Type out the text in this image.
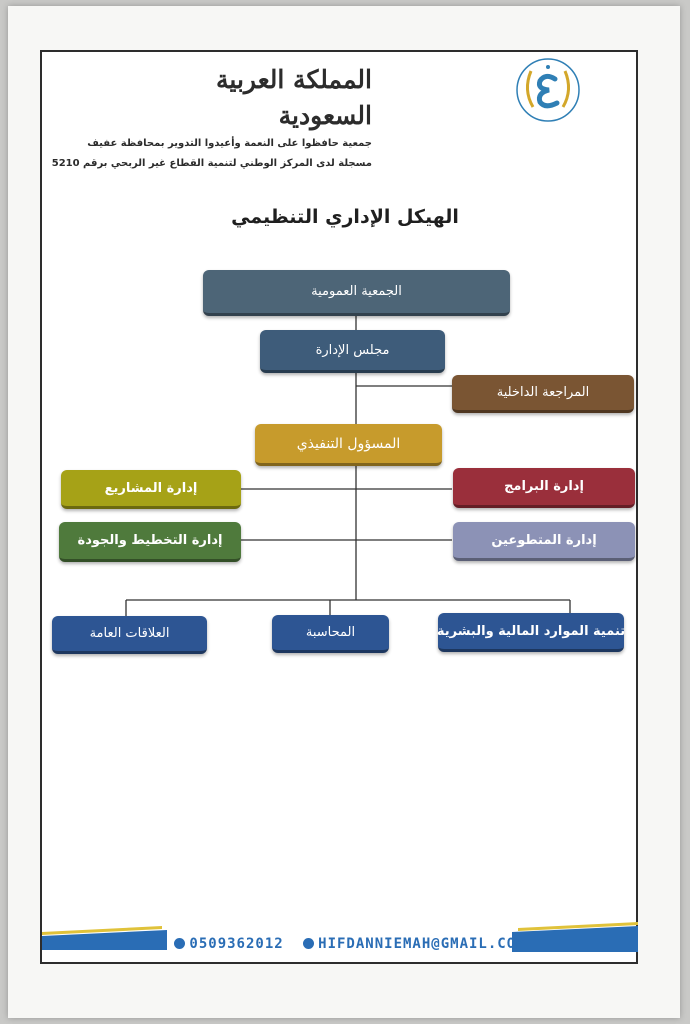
المملكة العربية السعودية
جمعية حافظوا على النعمة وأعيدوا التدوير بمحافظة عفيف
مسجلة لدى المركز الوطني لتنمية القطاع غير الربحي برقم 5210
الهيكل الإداري التنظيمي
الجمعية العمومية
مجلس الإدارة
المراجعة الداخلية
المسؤول التنفيذي
إدارة البرامج
إدارة المشاريع
إدارة المتطوعين
إدارة التخطيط والجودة
تنمية الموارد المالية والبشرية
المحاسبة
العلاقات العامة
0509362012 HIFDANNIEMAH@GMAIL.COM
